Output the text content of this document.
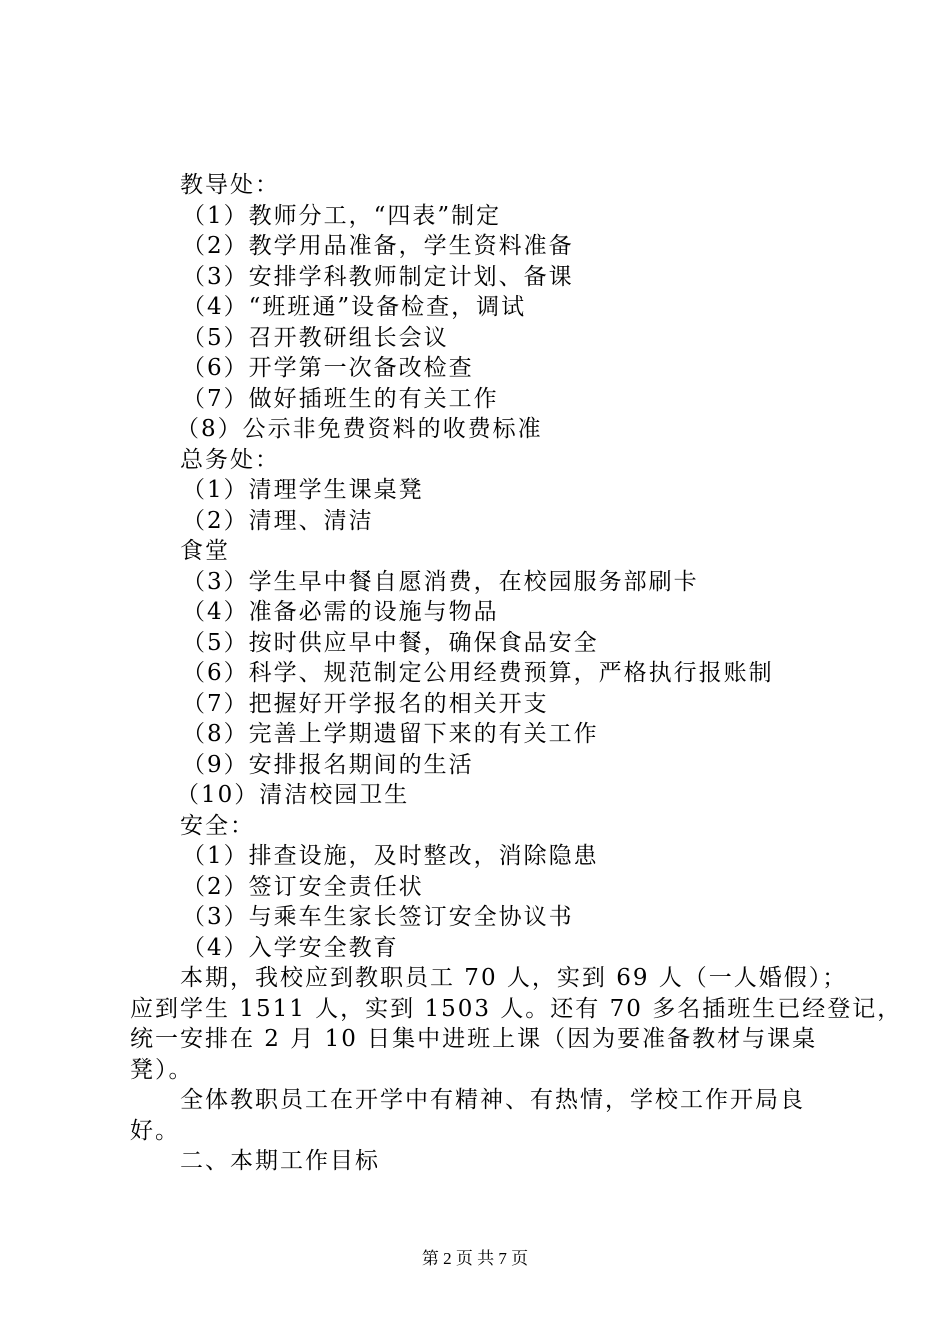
教导处：
（1）教师分工，“四表”制定
（2）教学用品准备，学生资料准备
（3）安排学科教师制定计划、备课
（4）“班班通”设备检查，调试
（5）召开教研组长会议
（6）开学第一次备改检查
（7）做好插班生的有关工作
（8）公示非免费资料的收费标准
总务处：
（1）清理学生课桌凳
（2）清理、清洁
食堂
（3）学生早中餐自愿消费，在校园服务部刷卡
（4）准备必需的设施与物品
（5）按时供应早中餐，确保食品安全
（6）科学、规范制定公用经费预算，严格执行报账制
（7）把握好开学报名的相关开支
（8）完善上学期遗留下来的有关工作
（9）安排报名期间的生活
（10）清洁校园卫生
安全：
（1）排查设施，及时整改，消除隐患
（2）签订安全责任状
（3）与乘车生家长签订安全协议书
（4）入学安全教育
本期，我校应到教职员工 70 人，实到 69 人（一人婚假）；
应到学生 1511 人，实到 1503 人。还有 70 多名插班生已经登记，
统一安排在 2 月 10 日集中进班上课（因为要准备教材与课桌
凳）。
全体教职员工在开学中有精神、有热情，学校工作开局良
好。
二、本期工作目标
第 2 页 共 7 页
